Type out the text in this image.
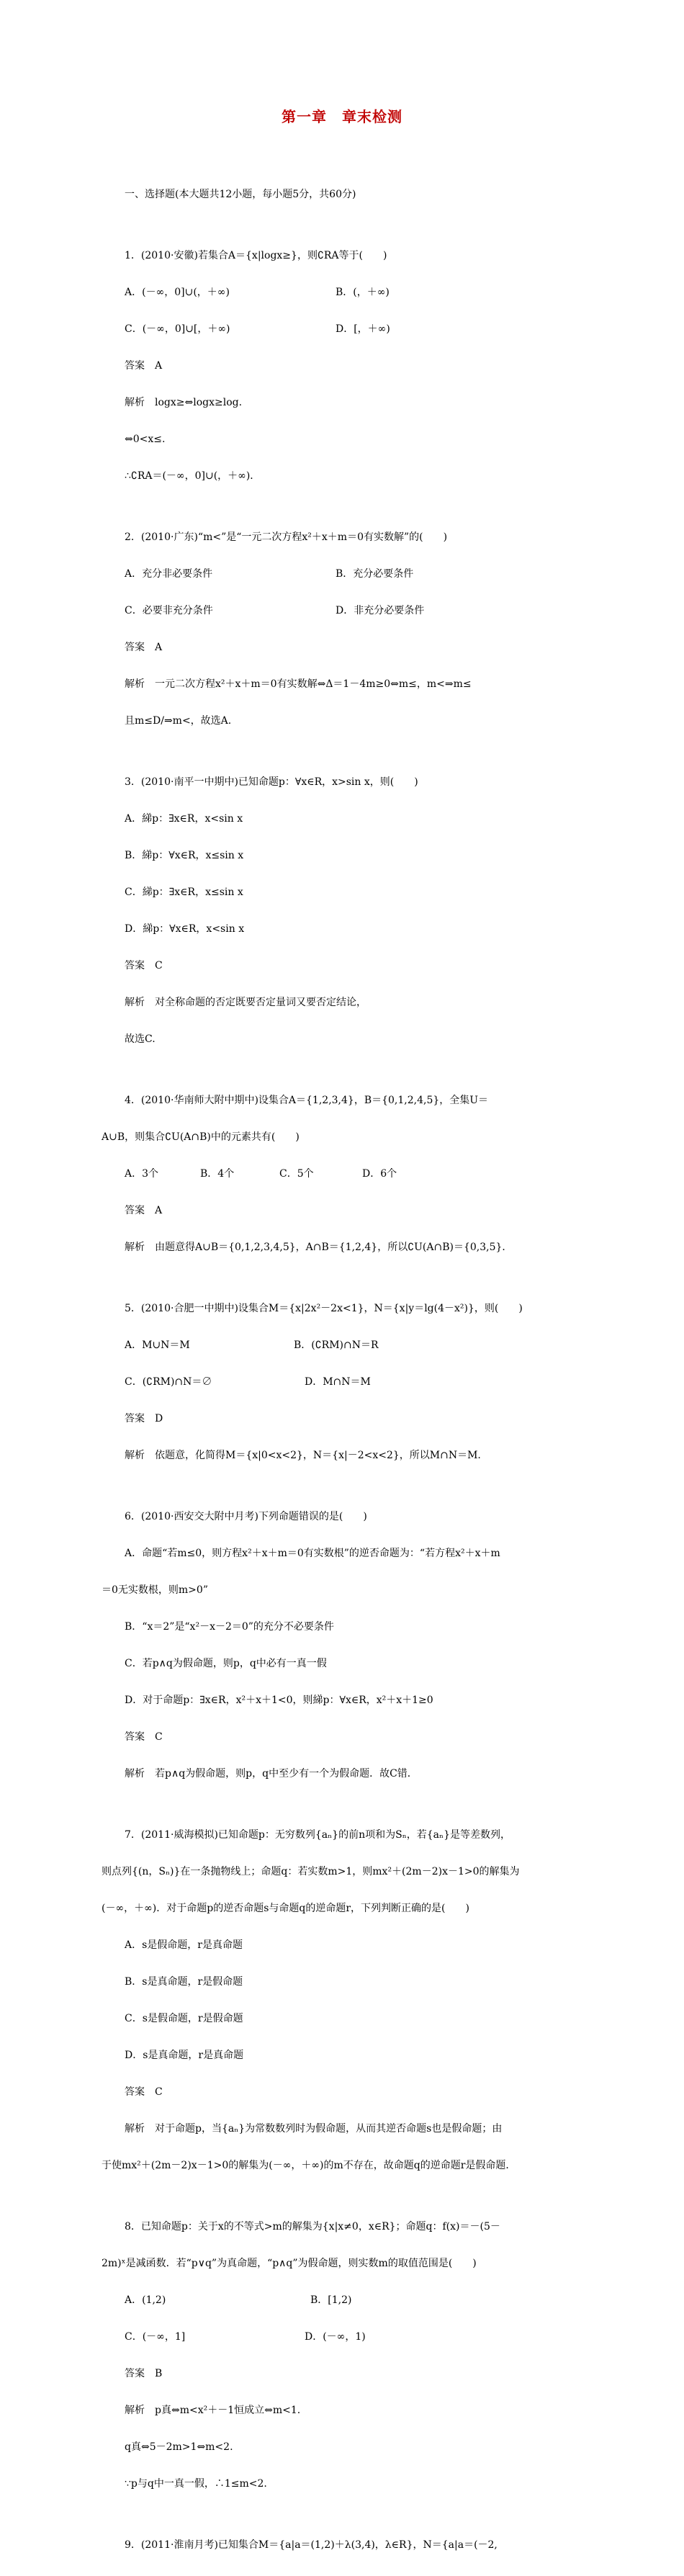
第一章　章末检测

一、选择题(本大题共12小题，每小题5分，共60分)

1．(2010·安徽)若集合A＝{x|logx≥}，则∁RA等于(　　)

A．(－∞，0]∪(，＋∞)	B．(，＋∞)

C．(－∞，0]∪[，＋∞)	D．[，＋∞)

答案　A

解析　logx≥⇔logx≥log.

⇔0<x≤.

∴∁RA＝(－∞，0]∪(，＋∞)．

2．(2010·广东)“m<”是“一元二次方程x²＋x＋m＝0有实数解”的(　　)

A．充分非必要条件	B．充分必要条件

C．必要非充分条件	D．非充分必要条件

答案　A

解析　一元二次方程x²＋x＋m＝0有实数解⇔Δ＝1－4m≥0⇔m≤，m<⇒m≤

且m≤D/⇒m<，故选A.

3．(2010·南平一中期中)已知命题p：∀x∈R，x>sin x，则(　　)

A．綈p：∃x∈R，x<sin x

B．綈p：∀x∈R，x≤sin x

C．綈p：∃x∈R，x≤sin x

D．綈p：∀x∈R，x<sin x

答案　C

解析　对全称命题的否定既要否定量词又要否定结论，

故选C.

4．(2010·华南师大附中期中)设集合A＝{1,2,3,4}，B＝{0,1,2,4,5}，全集U＝

A∪B，则集合∁U(A∩B)中的元素共有(　　)

A．3个	B．4个	C．5个	D．6个

答案　A

解析　由题意得A∪B＝{0,1,2,3,4,5}，A∩B＝{1,2,4}，所以∁U(A∩B)＝{0,3,5}．

5．(2010·合肥一中期中)设集合M＝{x|2x²－2x<1}，N＝{x|y＝lg(4－x²)}，则(　　)

A．M∪N＝M	B．(∁RM)∩N＝R

C．(∁RM)∩N＝∅	D．M∩N＝M

答案　D

解析　依题意，化简得M＝{x|0<x<2}，N＝{x|－2<x<2}，所以M∩N＝M.

6．(2010·西安交大附中月考)下列命题错误的是(　　)

A．命题“若m≤0，则方程x²＋x＋m＝0有实数根”的逆否命题为：“若方程x²＋x＋m

＝0无实数根，则m>0”

B．“x＝2”是“x²－x－2＝0”的充分不必要条件

C．若p∧q为假命题，则p，q中必有一真一假

D．对于命题p：∃x∈R，x²＋x＋1<0，则綈p：∀x∈R，x²＋x＋1≥0

答案　C

解析　若p∧q为假命题，则p，q中至少有一个为假命题．故C错．

7．(2011·威海模拟)已知命题p：无穷数列{aₙ}的前n项和为Sₙ，若{aₙ}是等差数列，

则点列{(n，Sₙ)}在一条抛物线上；命题q：若实数m>1，则mx²＋(2m－2)x－1>0的解集为

(－∞，＋∞)．对于命题p的逆否命题s与命题q的逆命题r，下列判断正确的是(　　)

A．s是假命题，r是真命题

B．s是真命题，r是假命题

C．s是假命题，r是假命题

D．s是真命题，r是真命题

答案　C

解析　对于命题p，当{aₙ}为常数数列时为假命题，从而其逆否命题s也是假命题；由

于使mx²＋(2m－2)x－1>0的解集为(－∞，＋∞)的m不存在，故命题q的逆命题r是假命题．

8．已知命题p：关于x的不等式>m的解集为{x|x≠0，x∈R}；命题q：f(x)＝－(5－

2m)ˣ是减函数．若“p∨q”为真命题，“p∧q”为假命题，则实数m的取值范围是(　　)

A．(1,2)	B．[1,2)

C．(－∞，1]	D．(－∞，1)

答案　B

解析　p真⇔m<x²＋－1恒成立⇔m<1.

q真⇔5－2m>1⇔m<2.

∵p与q中一真一假，∴1≤m<2.

9．(2011·淮南月考)已知集合M＝{a|a＝(1,2)＋λ(3,4)，λ∈R}，N＝{a|a＝(－2,
